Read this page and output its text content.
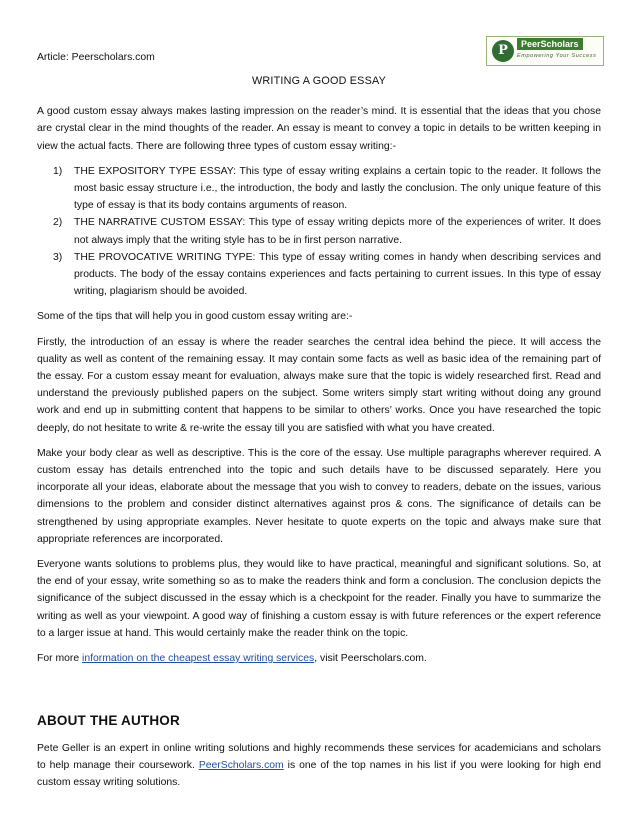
Article: Peerscholars.com	P	PeerScholars
Empowering Your Success
WRITING A GOOD ESSAY

A good custom essay always makes lasting impression on the reader’s mind. It is essential that the ideas that you chose are crystal clear in the mind thoughts of the reader. An essay is meant to convey a topic in details to be written keeping in view the actual facts. There are following three types of custom essay writing:-

1) THE EXPOSITORY TYPE ESSAY: This type of essay writing explains a certain topic to the reader. It follows the most basic essay structure i.e., the introduction, the body and lastly the conclusion. The only unique feature of this type of essay is that its body contains arguments of reason.
2) THE NARRATIVE CUSTOM ESSAY: This type of essay writing depicts more of the experiences of writer. It does not always imply that the writing style has to be in first person narrative.
3) THE PROVOCATIVE WRITING TYPE: This type of essay writing comes in handy when describing services and products. The body of the essay contains experiences and facts pertaining to current issues. In this type of essay writing, plagiarism should be avoided.

Some of the tips that will help you in good custom essay writing are:-

Firstly, the introduction of an essay is where the reader searches the central idea behind the piece. It will access the quality as well as content of the remaining essay. It may contain some facts as well as basic idea of the remaining part of the essay. For a custom essay meant for evaluation, always make sure that the topic is widely researched first. Read and understand the previously published papers on the subject. Some writers simply start writing without doing any ground work and end up in submitting content that happens to be similar to others’ works. Once you have researched the topic deeply, do not hesitate to write & re-write the essay till you are satisfied with what you have created.

Make your body clear as well as descriptive. This is the core of the essay. Use multiple paragraphs wherever required. A custom essay has details entrenched into the topic and such details have to be discussed separately. Here you incorporate all your ideas, elaborate about the message that you wish to convey to readers, debate on the issues, various dimensions to the problem and consider distinct alternatives against pros & cons. The significance of details can be strengthened by using appropriate examples. Never hesitate to quote experts on the topic and always make sure that appropriate references are incorporated.

Everyone wants solutions to problems plus, they would like to have practical, meaningful and significant solutions. So, at the end of your essay, write something so as to make the readers think and form a conclusion. The conclusion depicts the significance of the subject discussed in the essay which is a checkpoint for the reader. Finally you have to summarize the writing as well as your viewpoint. A good way of finishing a custom essay is with future references or the expert reference to a larger issue at hand. This would certainly make the reader think on the topic.

For more information on the cheapest essay writing services, visit Peerscholars.com.

ABOUT THE AUTHOR

Pete Geller is an expert in online writing solutions and highly recommends these services for academicians and scholars to help manage their coursework. PeerScholars.com is one of the top names in his list if you were looking for high end custom essay writing solutions.
